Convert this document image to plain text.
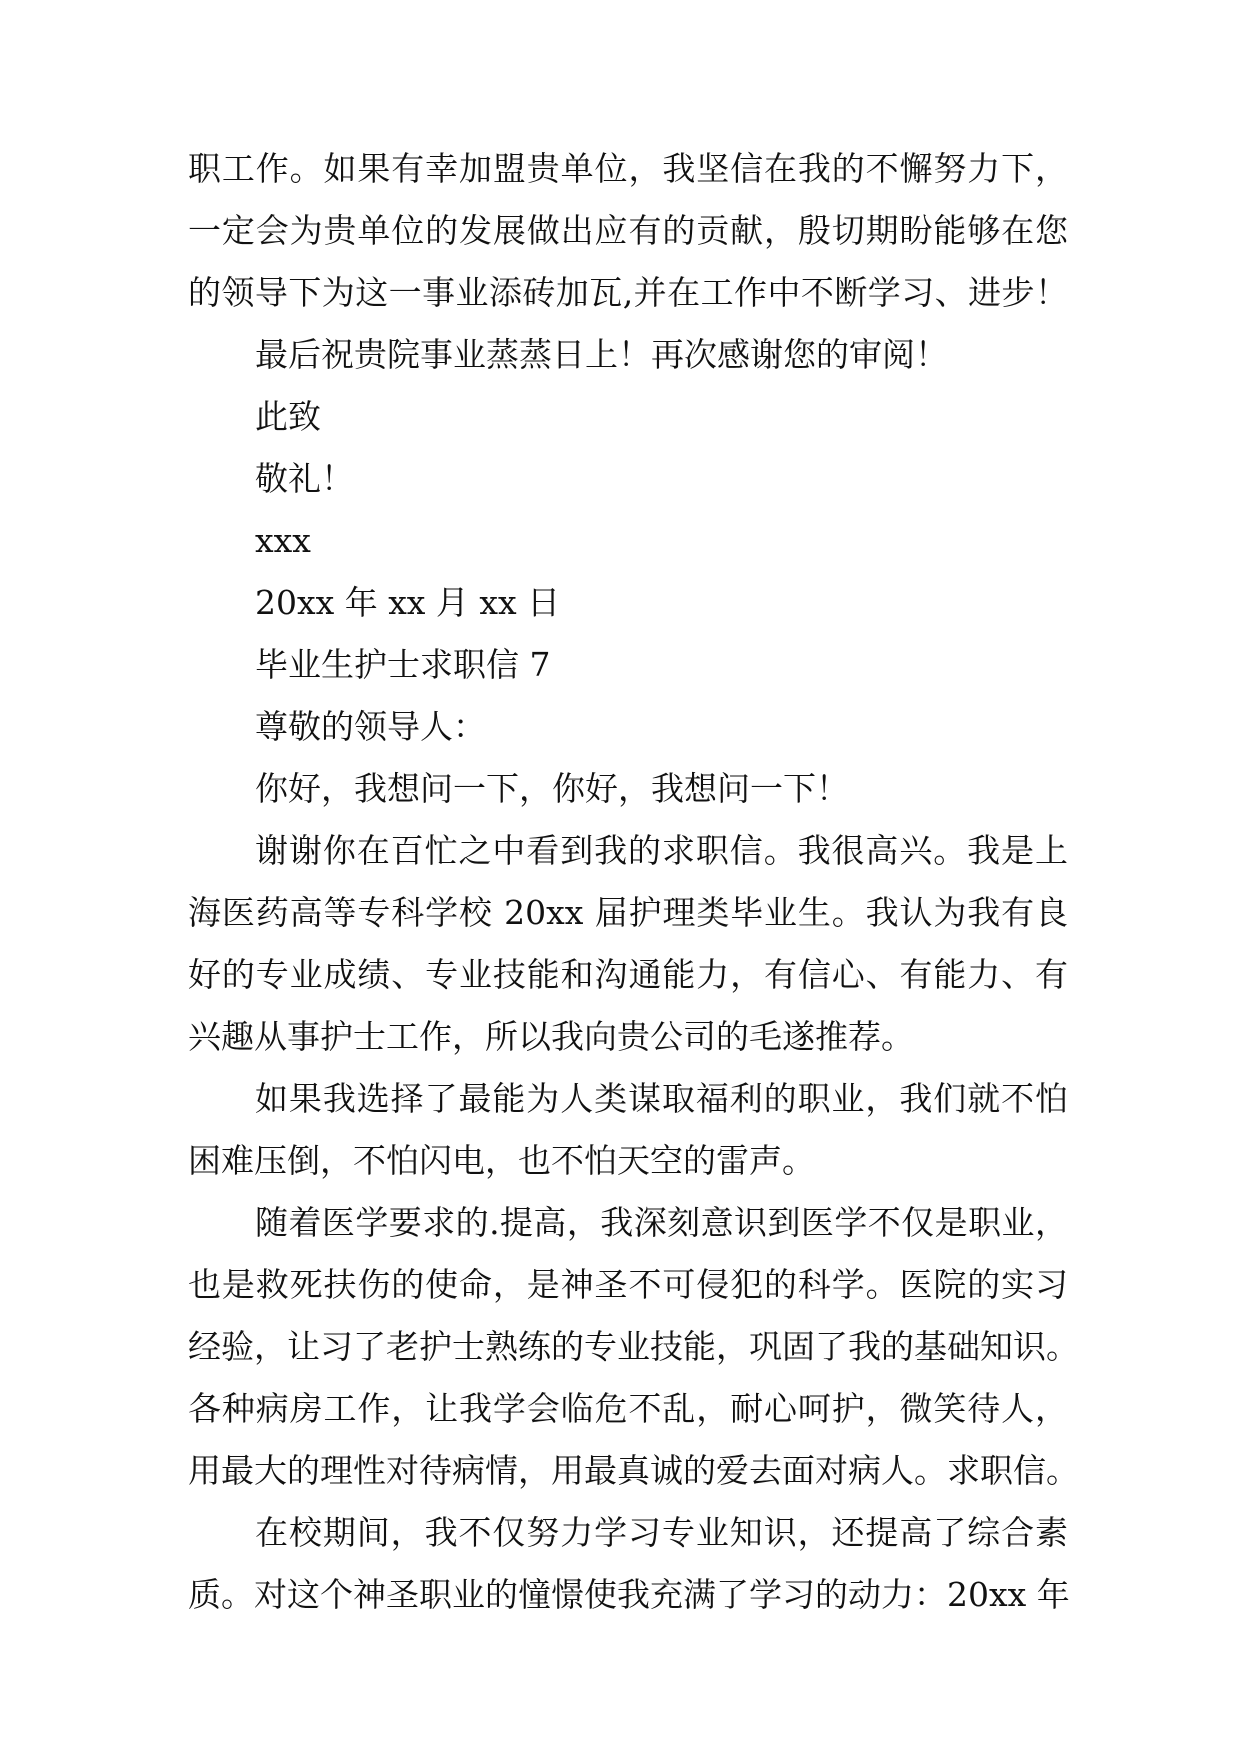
职工作。如果有幸加盟贵单位，我坚信在我的不懈努力下，
一定会为贵单位的发展做出应有的贡献，殷切期盼能够在您
的领导下为这一事业添砖加瓦,并在工作中不断学习、进步！
最后祝贵院事业蒸蒸日上！再次感谢您的审阅！
此致
敬礼！
xxx
20xx 年 xx 月 xx 日
毕业生护士求职信 7
尊敬的领导人：
你好，我想问一下，你好，我想问一下！
谢谢你在百忙之中看到我的求职信。我很高兴。我是上
海医药高等专科学校 20xx 届护理类毕业生。我认为我有良
好的专业成绩、专业技能和沟通能力，有信心、有能力、有
兴趣从事护士工作，所以我向贵公司的毛遂推荐。
如果我选择了最能为人类谋取福利的职业，我们就不怕
困难压倒，不怕闪电，也不怕天空的雷声。
随着医学要求的.提高，我深刻意识到医学不仅是职业，
也是救死扶伤的使命，是神圣不可侵犯的科学。医院的实习
经验，让习了老护士熟练的专业技能，巩固了我的基础知识。
各种病房工作，让我学会临危不乱，耐心呵护，微笑待人，
用最大的理性对待病情，用最真诚的爱去面对病人。求职信。
在校期间，我不仅努力学习专业知识，还提高了综合素
质。对这个神圣职业的憧憬使我充满了学习的动力：20xx 年
